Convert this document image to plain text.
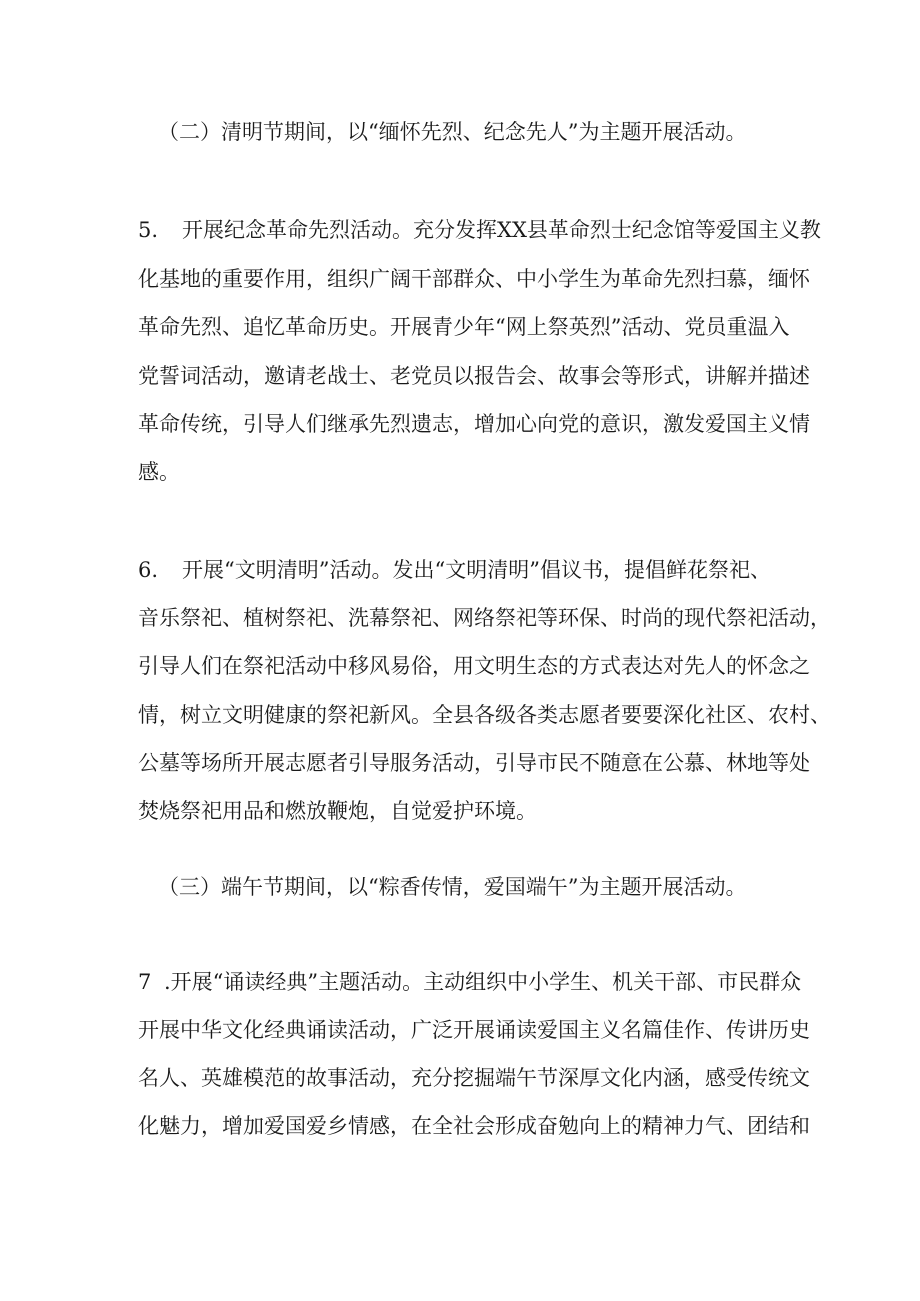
（二）清明节期间，以“缅怀先烈、纪念先人”为主题开展活动。
5. 开展纪念革命先烈活动。充分发挥XX县革命烈士纪念馆等爱国主义教
化基地的重要作用，组织广阔干部群众、中小学生为革命先烈扫慕，缅怀
革命先烈、追忆革命历史。开展青少年“网上祭英烈”活动、党员重温入
党誓词活动，邀请老战士、老党员以报告会、故事会等形式，讲解并描述
革命传统，引导人们继承先烈遗志，增加心向党的意识，激发爱国主义情
感。
6. 开展“文明清明”活动。发出“文明清明”倡议书，提倡鲜花祭祀、
音乐祭祀、植树祭祀、洗幕祭祀、网络祭祀等环保、时尚的现代祭祀活动，
引导人们在祭祀活动中移风易俗，用文明生态的方式表达对先人的怀念之
情，树立文明健康的祭祀新风。全县各级各类志愿者要要深化社区、农村、
公墓等场所开展志愿者引导服务活动，引导市民不随意在公慕、林地等处
焚烧祭祀用品和燃放鞭炮，自觉爱护环境。
（三）端午节期间，以“粽香传情，爱国端午”为主题开展活动。
7 .开展“诵读经典”主题活动。主动组织中小学生、机关干部、市民群众
开展中华文化经典诵读活动，广泛开展诵读爱国主义名篇佳作、传讲历史
名人、英雄模范的故事活动，充分挖掘端午节深厚文化内涵，感受传统文
化魅力，增加爱国爱乡情感，在全社会形成奋勉向上的精神力气、团结和
